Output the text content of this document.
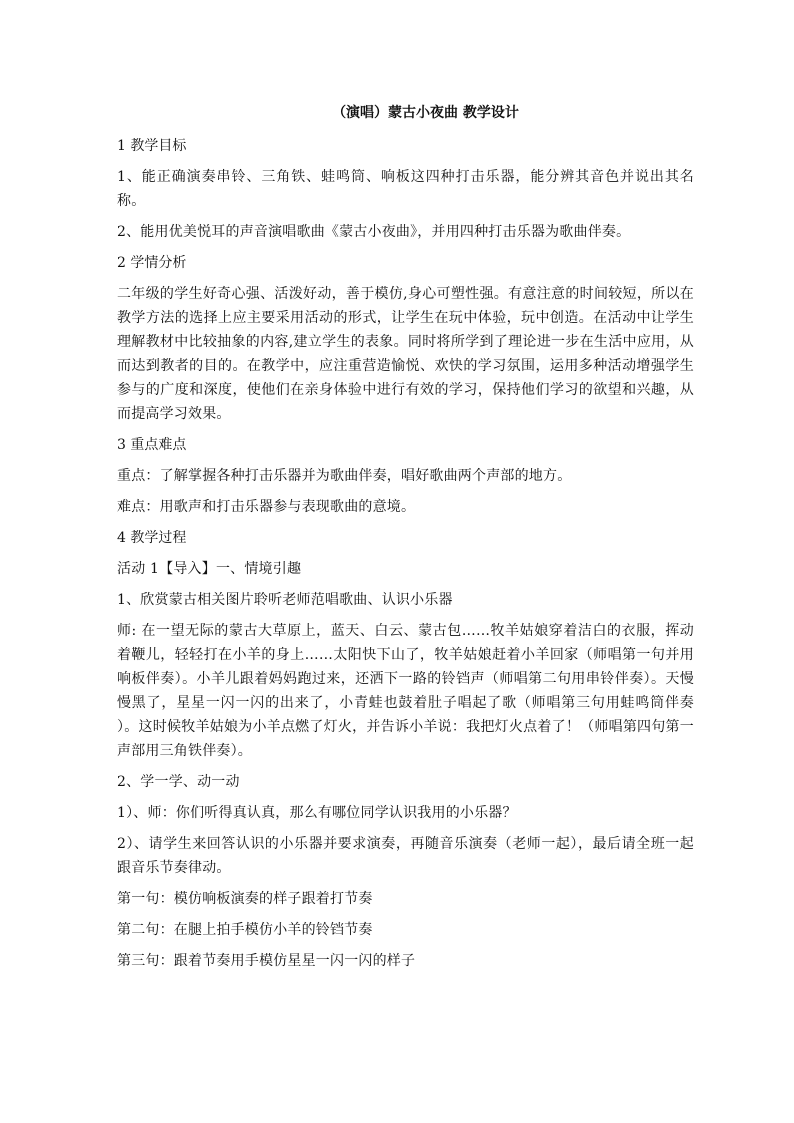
（演唱）蒙古小夜曲 教学设计
1 教学目标
1、能正确演奏串铃、三角铁、蛙鸣筒、响板这四种打击乐器，能分辨其音色并说出其名称。
2、能用优美悦耳的声音演唱歌曲《蒙古小夜曲》，并用四种打击乐器为歌曲伴奏。
2 学情分析
二年级的学生好奇心强、活泼好动，善于模仿,身心可塑性强。有意注意的时间较短，所以在教学方法的选择上应主要采用活动的形式，让学生在玩中体验，玩中创造。在活动中让学生理解教材中比较抽象的内容,建立学生的表象。同时将所学到了理论进一步在生活中应用，从而达到教者的目的。在教学中，应注重营造愉悦、欢快的学习氛围，运用多种活动增强学生参与的广度和深度，使他们在亲身体验中进行有效的学习，保持他们学习的欲望和兴趣，从而提高学习效果。
3 重点难点
重点：了解掌握各种打击乐器并为歌曲伴奏，唱好歌曲两个声部的地方。
难点：用歌声和打击乐器参与表现歌曲的意境。
4 教学过程
活动 1【导入】一、情境引趣
1、欣赏蒙古相关图片聆听老师范唱歌曲、认识小乐器
师: 在一望无际的蒙古大草原上，蓝天、白云、蒙古包……牧羊姑娘穿着洁白的衣服，挥动着鞭儿，轻轻打在小羊的身上……太阳快下山了，牧羊姑娘赶着小羊回家（师唱第一句并用响板伴奏）。小羊儿跟着妈妈跑过来，还洒下一路的铃铛声（师唱第二句用串铃伴奏）。天慢慢黑了，星星一闪一闪的出来了，小青蛙也鼓着肚子唱起了歌（师唱第三句用蛙鸣筒伴奏 ）。这时候牧羊姑娘为小羊点燃了灯火，并告诉小羊说：我把灯火点着了！（师唱第四句第一声部用三角铁伴奏）。
2、学一学、动一动
1）、师：你们听得真认真，那么有哪位同学认识我用的小乐器？
2）、请学生来回答认识的小乐器并要求演奏，再随音乐演奏（老师一起），最后请全班一起跟音乐节奏律动。
第一句：模仿响板演奏的样子跟着打节奏
第二句：在腿上拍手模仿小羊的铃铛节奏
第三句：跟着节奏用手模仿星星一闪一闪的样子
